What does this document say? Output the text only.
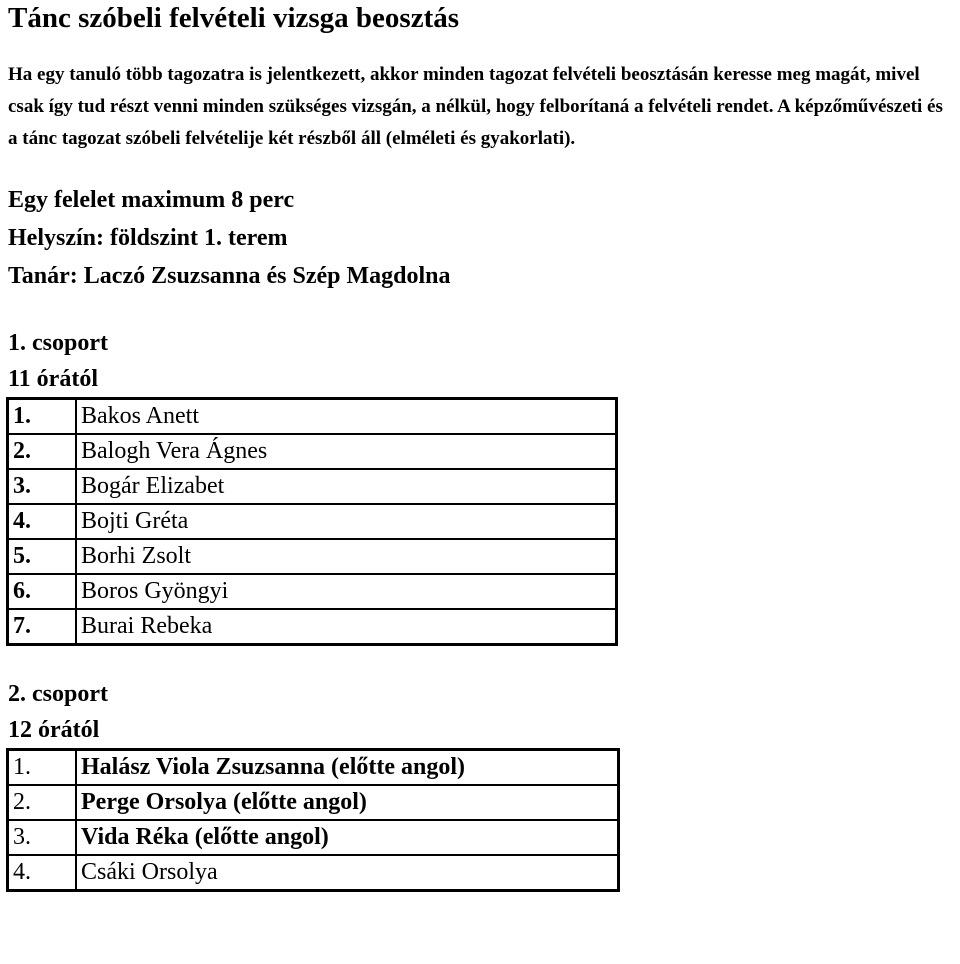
Tánc szóbeli felvételi vizsga beosztás

Ha egy tanuló több tagozatra is jelentkezett, akkor minden tagozat felvételi beosztásán keresse meg magát, mivel csak így tud részt venni minden szükséges vizsgán, a nélkül, hogy felborítaná a felvételi rendet. A képzőművészeti és a tánc tagozat szóbeli felvételije két részből áll (elméleti és gyakorlati).

Egy felelet maximum 8 perc
Helyszín: földszint 1. terem
Tanár: Laczó Zsuzsanna és Szép Magdolna
1. csoport
11 órától
1.	Bakos Anett
2.	Balogh Vera Ágnes
3.	Bogár Elizabet
4.	Bojti Gréta
5.	Borhi Zsolt
6.	Boros Gyöngyi
7.	Burai Rebeka
2. csoport
12 órától
1.	Halász Viola Zsuzsanna (előtte angol)
2.	Perge Orsolya (előtte angol)
3.	Vida Réka (előtte angol)
4.	Csáki Orsolya
